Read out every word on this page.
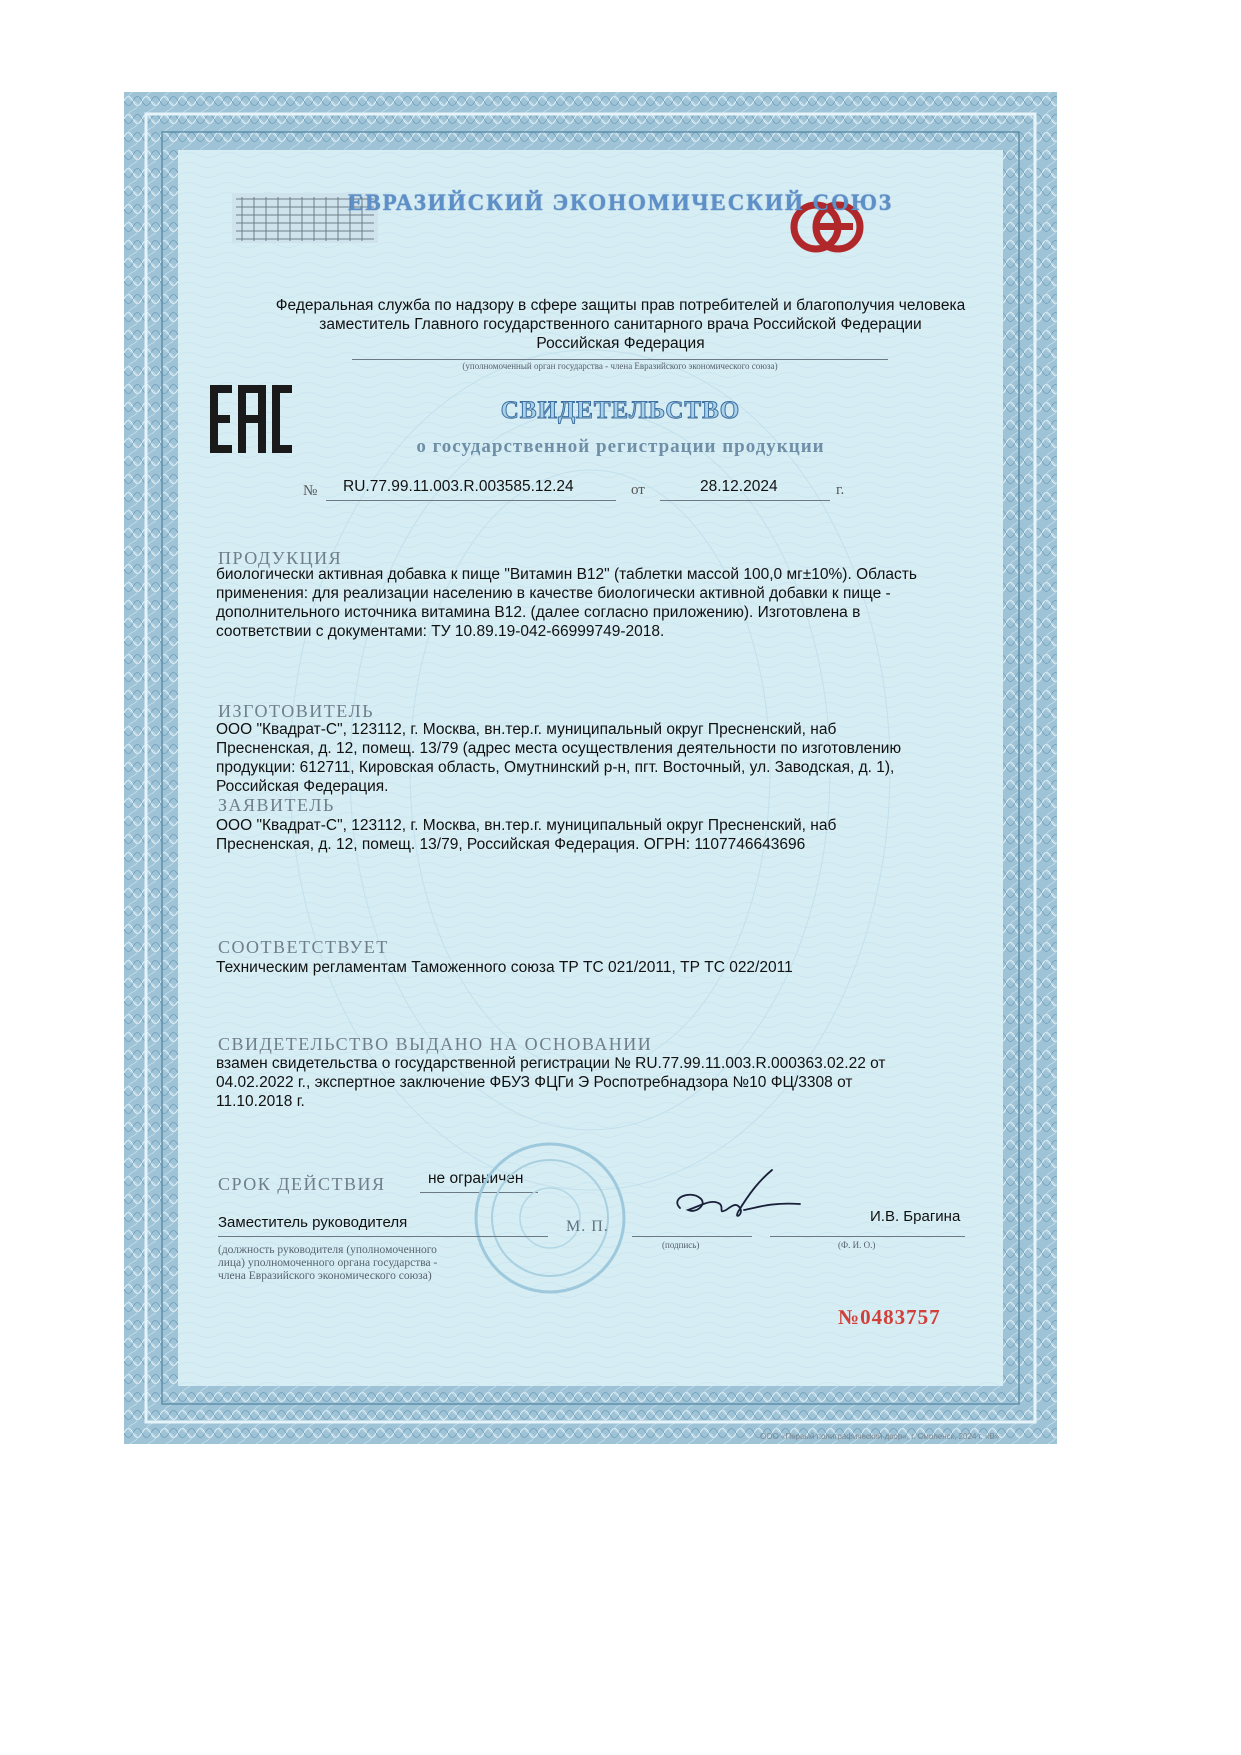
ЕВРАЗИЙСКИЙ ЭКОНОМИЧЕСКИЙ СОЮЗ
Федеральная служба по надзору в сфере защиты прав потребителей и благополучия человека
заместитель Главного государственного санитарного врача Российской Федерации
Российская Федерация
(уполномоченный орган государства - члена Евразийского экономического союза)
СВИДЕТЕЛЬСТВО
о государственной регистрации продукции
№ RU.77.99.11.003.R.003585.12.24	от	28.12.2024	г.
ПРОДУКЦИЯ
биологически активная добавка к пище "Витамин В12" (таблетки массой 100,0 мг±10%). Область
применения: для реализации населению в качестве биологически активной добавки к пище -
дополнительного источника витамина В12. (далее согласно приложению). Изготовлена в
соответствии с документами: ТУ 10.89.19-042-66999749-2018.
ИЗГОТОВИТЕЛЬ
ООО "Квадрат-С", 123112, г. Москва, вн.тер.г. муниципальный округ Пресненский, наб
Пресненская, д. 12, помещ. 13/79 (адрес места осуществления деятельности по изготовлению
продукции: 612711, Кировская область, Омутнинский р-н, пгт. Восточный, ул. Заводская, д. 1),
Российская Федерация.
ЗАЯВИТЕЛЬ
ООО "Квадрат-С", 123112, г. Москва, вн.тер.г. муниципальный округ Пресненский, наб
Пресненская, д. 12, помещ. 13/79, Российская Федерация. ОГРН: 1107746643696
СООТВЕТСТВУЕТ
Техническим регламентам Таможенного союза ТР ТС 021/2011, ТР ТС 022/2011
СВИДЕТЕЛЬСТВО ВЫДАНО НА ОСНОВАНИИ
взамен свидетельства о государственной регистрации № RU.77.99.11.003.R.000363.02.22 от
04.02.2022 г., экспертное заключение ФБУЗ ФЦГи Э Роспотребнадзора №10 ФЦ/3308 от
11.10.2018 г.
СРОК ДЕЙСТВИЯ	не ограничен
Заместитель руководителя	М. П.
И.В. Брагина
(должность руководителя (уполномоченного
лица) уполномоченного органа государства -
члена Евразийского экономического союза)
(подпись)	(Ф. И. О.)
№0483757
ООО «Первый полиграфический двор», г. Смоленск, 2024 г. «В»
